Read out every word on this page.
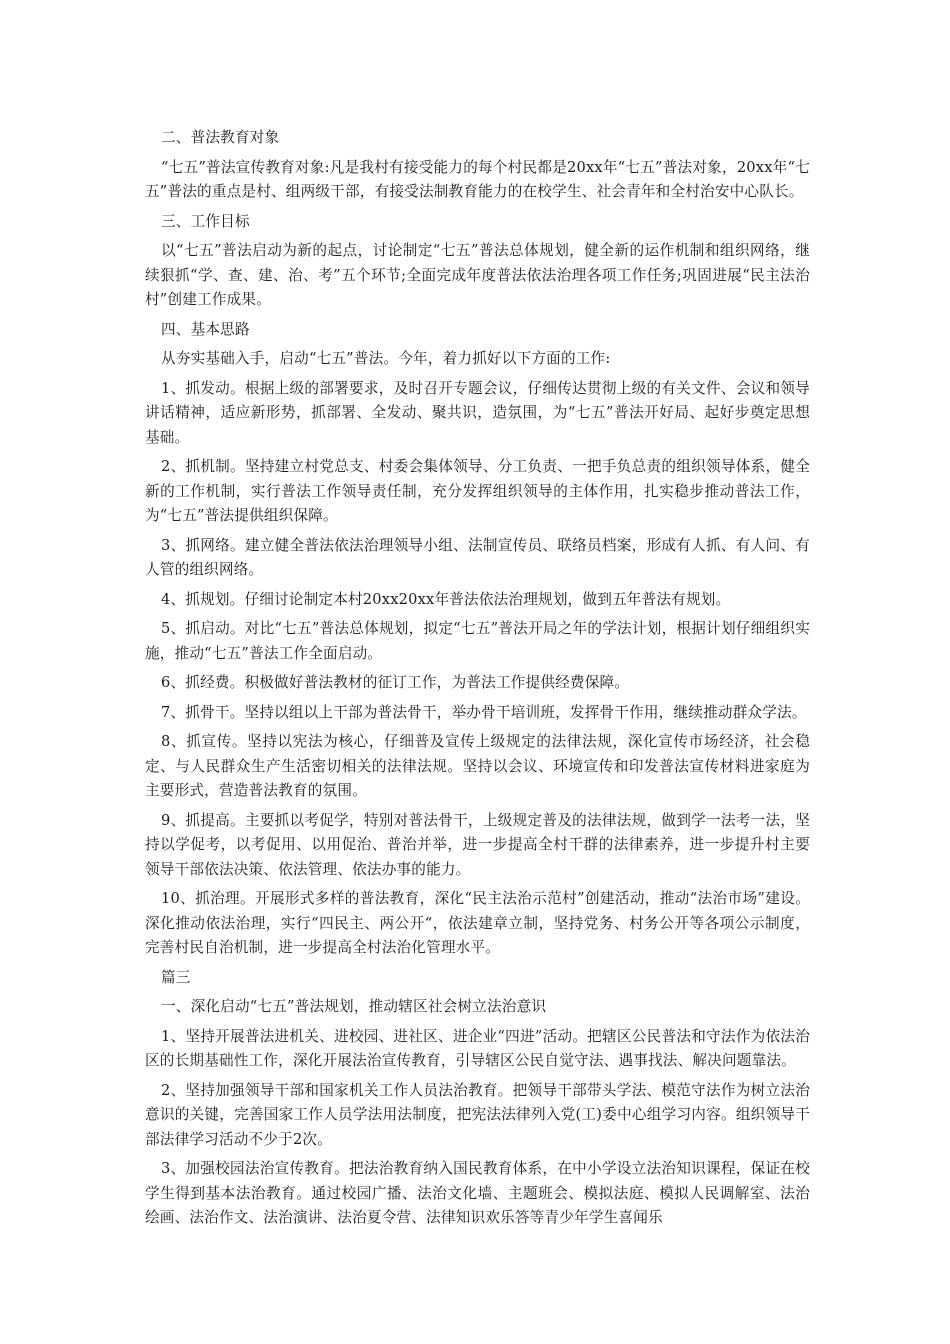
二、普法教育对象

“七五”普法宣传教育对象:凡是我村有接受能力的每个村民都是20xx年“七五”普法对象，20xx年“七五”普法的重点是村、组两级干部，有接受法制教育能力的在校学生、社会青年和全村治安中心队长。

三、工作目标

以“七五”普法启动为新的起点，讨论制定“七五”普法总体规划，健全新的运作机制和组织网络，继续狠抓“学、查、建、治、考”五个环节;全面完成年度普法依法治理各项工作任务;巩固进展“民主法治村”创建工作成果。

四、基本思路

从夯实基础入手，启动“七五”普法。今年，着力抓好以下方面的工作:

1、抓发动。根据上级的部署要求，及时召开专题会议，仔细传达贯彻上级的有关文件、会议和领导讲话精神，适应新形势，抓部署、全发动、聚共识，造氛围，为“七五”普法开好局、起好步奠定思想基础。

2、抓机制。坚持建立村党总支、村委会集体领导、分工负责、一把手负总责的组织领导体系，健全新的工作机制，实行普法工作领导责任制，充分发挥组织领导的主体作用，扎实稳步推动普法工作，为“七五”普法提供组织保障。

3、抓网络。建立健全普法依法治理领导小组、法制宣传员、联络员档案，形成有人抓、有人问、有人管的组织网络。

4、抓规划。仔细讨论制定本村20xx20xx年普法依法治理规划，做到五年普法有规划。

5、抓启动。对比“七五”普法总体规划，拟定“七五”普法开局之年的学法计划，根据计划仔细组织实施，推动“七五”普法工作全面启动。

6、抓经费。积极做好普法教材的征订工作，为普法工作提供经费保障。

7、抓骨干。坚持以组以上干部为普法骨干，举办骨干培训班，发挥骨干作用，继续推动群众学法。

8、抓宣传。坚持以宪法为核心，仔细普及宣传上级规定的法律法规，深化宣传市场经济，社会稳定、与人民群众生产生活密切相关的法律法规。坚持以会议、环境宣传和印发普法宣传材料进家庭为主要形式，营造普法教育的氛围。

9、抓提高。主要抓以考促学，特别对普法骨干，上级规定普及的法律法规，做到学一法考一法，坚持以学促考，以考促用、以用促治、普治并举，进一步提高全村干群的法律素养，进一步提升村主要领导干部依法决策、依法管理、依法办事的能力。

10、抓治理。开展形式多样的普法教育，深化“民主法治示范村”创建活动，推动“法治市场”建设。深化推动依法治理，实行“四民主、两公开“，依法建章立制，坚持党务、村务公开等各项公示制度，完善村民自治机制，进一步提高全村法治化管理水平。

篇三

一、深化启动“七五”普法规划，推动辖区社会树立法治意识

1、坚持开展普法进机关、进校园、进社区、进企业“四进”活动。把辖区公民普法和守法作为依法治区的长期基础性工作，深化开展法治宣传教育，引导辖区公民自觉守法、遇事找法、解决问题靠法。

2、坚持加强领导干部和国家机关工作人员法治教育。把领导干部带头学法、模范守法作为树立法治意识的关键，完善国家工作人员学法用法制度，把宪法法律列入党(工)委中心组学习内容。组织领导干部法律学习活动不少于2次。

3、加强校园法治宣传教育。把法治教育纳入国民教育体系，在中小学设立法治知识课程，保证在校学生得到基本法治教育。通过校园广播、法治文化墙、主题班会、模拟法庭、模拟人民调解室、法治绘画、法治作文、法治演讲、法治夏令营、法律知识欢乐答等青少年学生喜闻乐
